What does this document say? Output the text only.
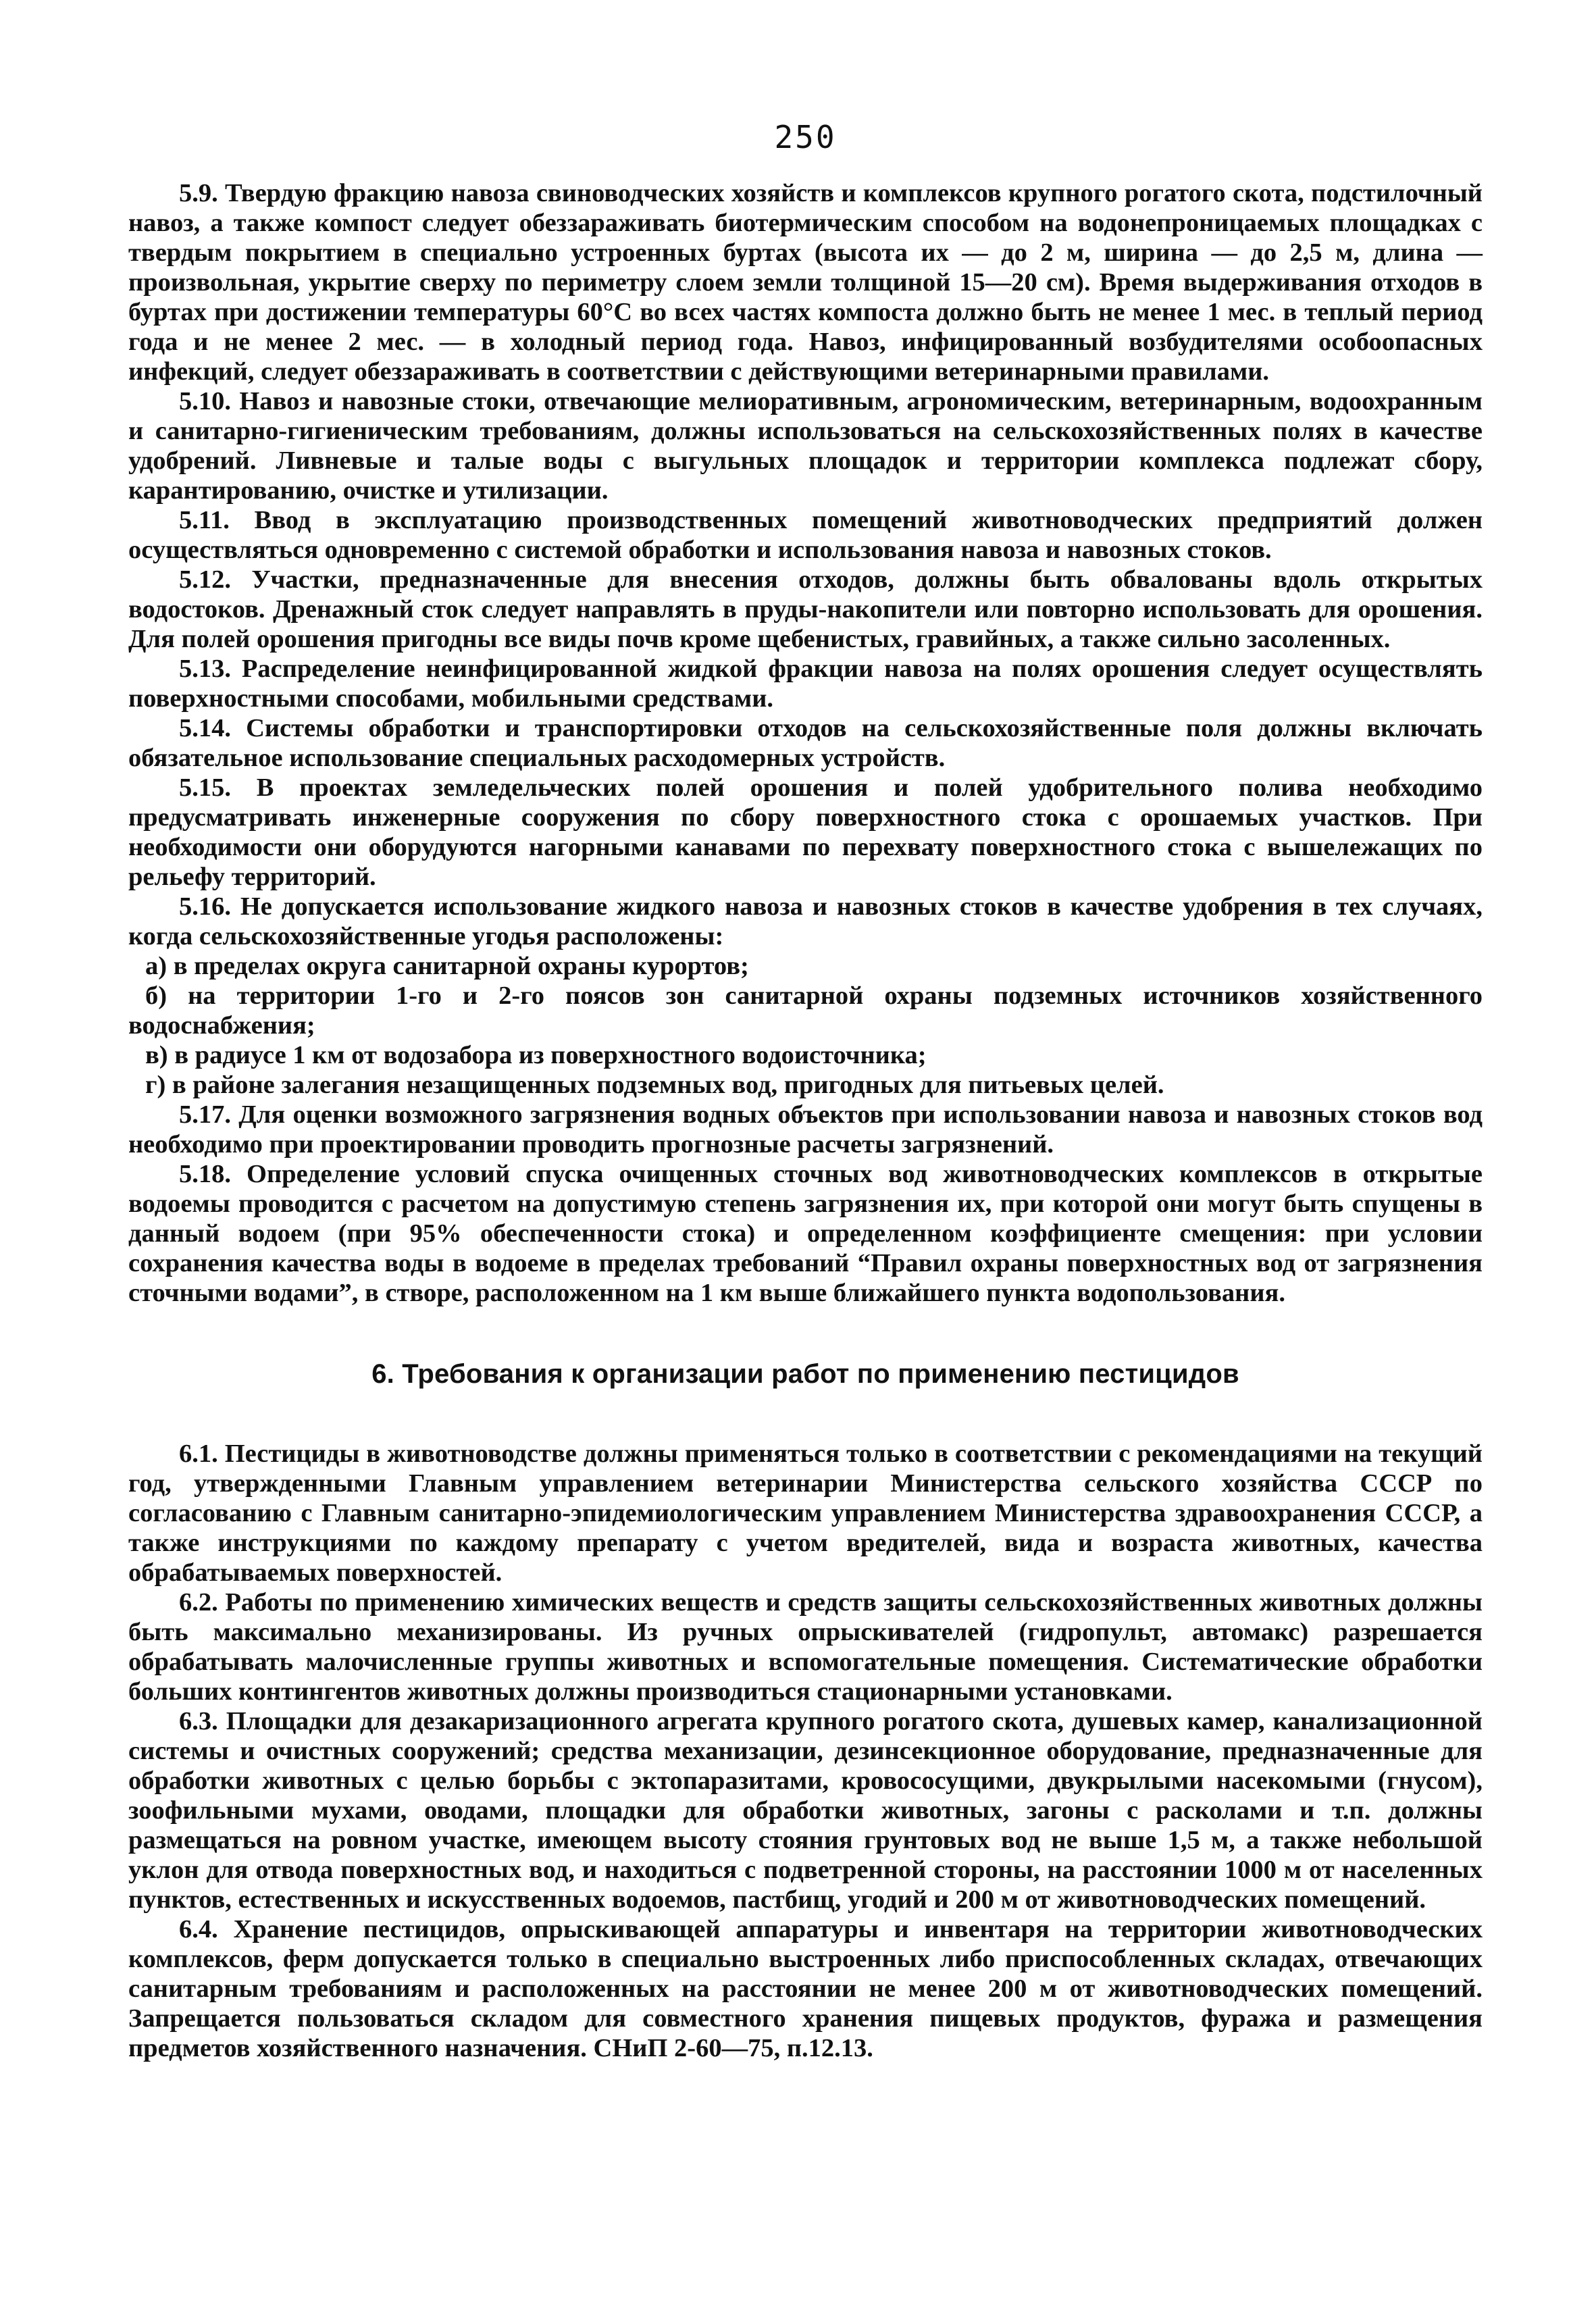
250

5.9. Твердую фракцию навоза свиноводческих хозяйств и комплексов крупного рогатого скота, подстилочный навоз, а также компост следует обеззараживать биотермическим способом на водонепроницаемых площадках с твердым покрытием в специально устроенных буртах (высота их — до 2 м, ширина — до 2,5 м, длина — произвольная, укрытие сверху по периметру слоем земли толщиной 15—20 см). Время выдерживания отходов в буртах при достижении температуры 60°С во всех частях компоста должно быть не менее 1 мес. в теплый период года и не менее 2 мес. — в холодный период года. Навоз, инфицированный возбудителями особоопасных инфекций, следует обеззараживать в соответствии с действующими ветеринарными правилами.

5.10. Навоз и навозные стоки, отвечающие мелиоративным, агрономическим, ветеринарным, водоохранным и санитарно-гигиеническим требованиям, должны использоваться на сельскохозяйственных полях в качестве удобрений. Ливневые и талые воды с выгульных площадок и территории комплекса подлежат сбору, карантированию, очистке и утилизации.

5.11. Ввод в эксплуатацию производственных помещений животноводческих предприятий должен осуществляться одновременно с системой обработки и использования навоза и навозных стоков.

5.12. Участки, предназначенные для внесения отходов, должны быть обвалованы вдоль открытых водостоков. Дренажный сток следует направлять в пруды-накопители или повторно использовать для орошения. Для полей орошения пригодны все виды почв кроме щебенистых, гравийных, а также сильно засоленных.

5.13. Распределение неинфицированной жидкой фракции навоза на полях орошения следует осуществлять поверхностными способами, мобильными средствами.

5.14. Системы обработки и транспортировки отходов на сельскохозяйственные поля должны включать обязательное использование специальных расходомерных устройств.

5.15. В проектах земледельческих полей орошения и полей удобрительного полива необходимо предусматривать инженерные сооружения по сбору поверхностного стока с орошаемых участков. При необходимости они оборудуются нагорными канавами по перехвату поверхностного стока с вышележащих по рельефу территорий.

5.16. Не допускается использование жидкого навоза и навозных стоков в качестве удобрения в тех случаях, когда сельскохозяйственные угодья расположены:

а) в пределах округа санитарной охраны курортов;

б) на территории 1-го и 2-го поясов зон санитарной охраны подземных источников хозяйственного водоснабжения;

в) в радиусе 1 км от водозабора из поверхностного водоисточника;

г) в районе залегания незащищенных подземных вод, пригодных для питьевых целей.

5.17. Для оценки возможного загрязнения водных объектов при использовании навоза и навозных стоков вод необходимо при проектировании проводить прогнозные расчеты загрязнений.

5.18. Определение условий спуска очищенных сточных вод животноводческих комплексов в открытые водоемы проводится с расчетом на допустимую степень загрязнения их, при которой они могут быть спущены в данный водоем (при 95% обеспеченности стока) и определенном коэффициенте смещения: при условии сохранения качества воды в водоеме в пределах требований “Правил охраны поверхностных вод от загрязнения сточными водами”, в створе, расположенном на 1 км выше ближайшего пункта водопользования.

6. Требования к организации работ по применению пестицидов

6.1. Пестициды в животноводстве должны применяться только в соответствии с рекомендациями на текущий год, утвержденными Главным управлением ветеринарии Министерства сельского хозяйства СССР по согласованию с Главным санитарно-эпидемиологическим управлением Министерства здравоохранения СССР, а также инструкциями по каждому препарату с учетом вредителей, вида и возраста животных, качества обрабатываемых поверхностей.

6.2. Работы по применению химических веществ и средств защиты сельскохозяйственных животных должны быть максимально механизированы. Из ручных опрыскивателей (гидропульт, автомакс) разрешается обрабатывать малочисленные группы животных и вспомогательные помещения. Систематические обработки больших контингентов животных должны производиться стационарными установками.

6.3. Площадки для дезакаризационного агрегата крупного рогатого скота, душевых камер, канализационной системы и очистных сооружений; средства механизации, дезинсекционное оборудование, предназначенные для обработки животных с целью борьбы с эктопаразитами, кровососущими, двукрылыми насекомыми (гнусом), зоофильными мухами, оводами, площадки для обработки животных, загоны с расколами и т.п. должны размещаться на ровном участке, имеющем высоту стояния грунтовых вод не выше 1,5 м, а также небольшой уклон для отвода поверхностных вод, и находиться с подветренной стороны, на расстоянии 1000 м от населенных пунктов, естественных и искусственных водоемов, пастбищ, угодий и 200 м от животноводческих помещений.

6.4. Хранение пестицидов, опрыскивающей аппаратуры и инвентаря на территории животноводческих комплексов, ферм допускается только в специально выстроенных либо приспособленных складах, отвечающих санитарным требованиям и расположенных на расстоянии не менее 200 м от животноводческих помещений. Запрещается пользоваться складом для совместного хранения пищевых продуктов, фуража и размещения предметов хозяйственного назначения. СНиП 2-60—75, п.12.13.
